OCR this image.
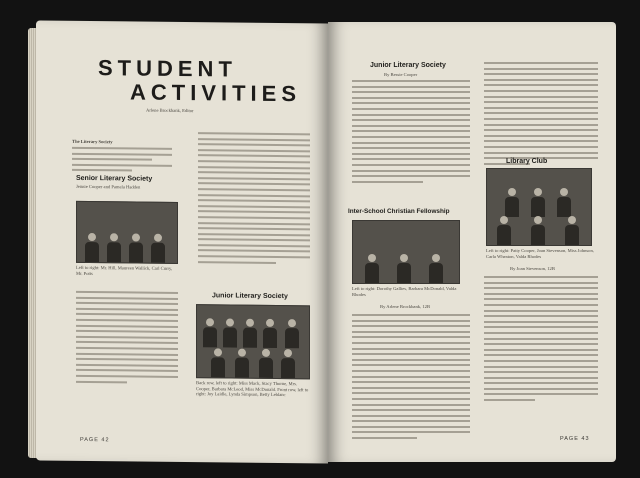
STUDENT
ACTIVITIES
Arlene Brockbank, Editor
The Literary Society
Senior Literary Society
Jennie Cooper and Pamela Hadden
Left to right: Mr. Hill, Maureen Wallick, Carl Curry, Mr. Potts
Junior Literary Society
Back row, left to right: Miss Mack, Stacy Thorne, Mrs. Cooper, Barbara McLeod, Miss McDonald. Front row, left to right: Joy Laidle, Lynda Simpson, Betty Leblanc
PAGE 42
Junior Literary Society
By Bessie Cooper
Inter-School Christian Fellowship
Left to right: Dorothy Gallies, Barbara McDonald, Valda Rhodes
By Arlene Brockbank, 12B
Library Club
Left to right: Patty Cooper, Joan Stevenson, Miss Johnson, Carla Wheaton, Valda Rhodes
By Joan Stevenson, 12B
PAGE 43
